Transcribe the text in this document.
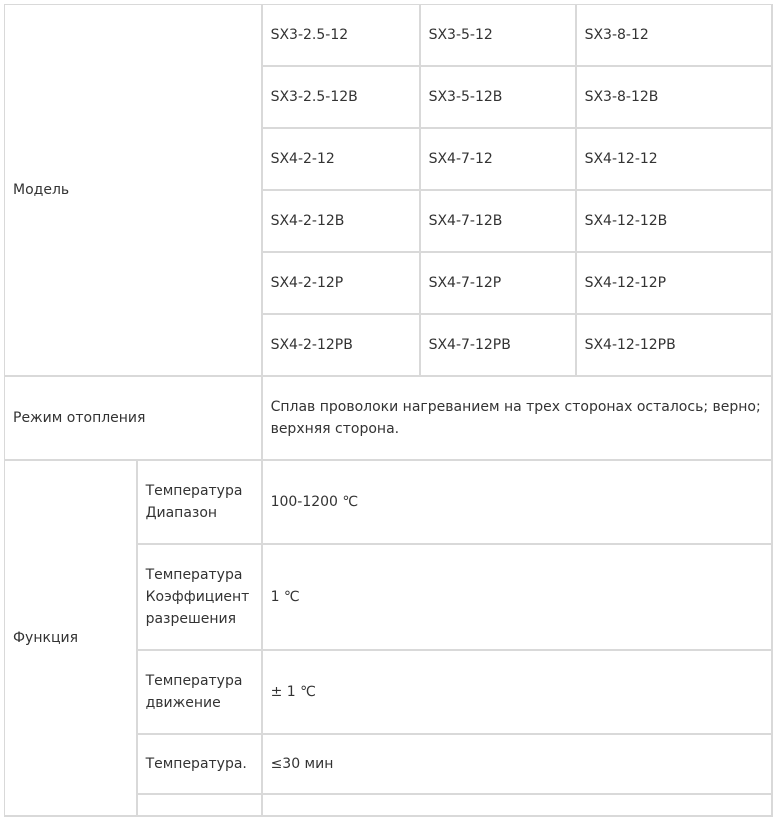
Модель		SX3-2.5-12	SX3-5-12	SX3-8-12
		SX3-2.5-12B	SX3-5-12B	SX3-8-12B
		SX4-2-12	SX4-7-12	SX4-12-12
		SX4-2-12B	SX4-7-12B	SX4-12-12B
		SX4-2-12P	SX4-7-12P	SX4-12-12P
		SX4-2-12PB	SX4-7-12PB	SX4-12-12PB
Режим отопления		Сплав проволоки нагреванием на трех сторонах осталось; верно; верхняя сторона.		
Функция	Температура Диапазон	100-1200 ℃		
	Температура Коэффициент разрешения	1 ℃		
	Температура движение	± 1 ℃		
	Температура.	≤30 мин		
